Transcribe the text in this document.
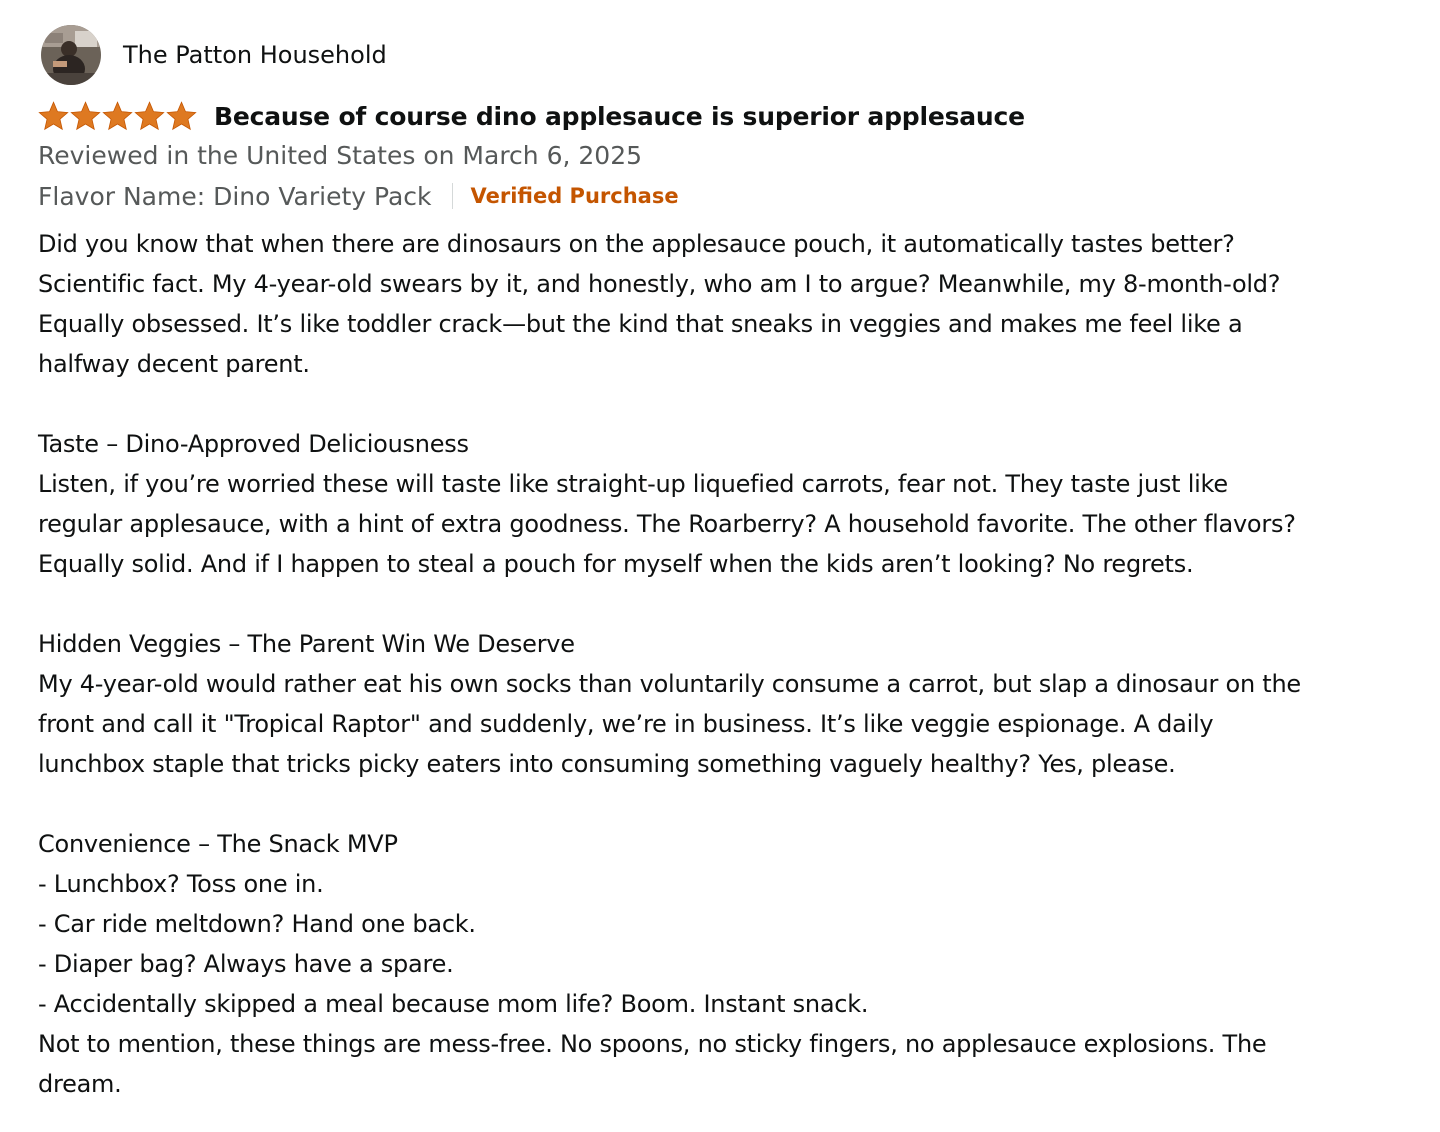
The Patton Household
Because of course dino applesauce is superior applesauce
Reviewed in the United States on March 6, 2025
Flavor Name: Dino Variety Pack Verified Purchase
Did you know that when there are dinosaurs on the applesauce pouch, it automatically tastes better?
Scientific fact. My 4-year-old swears by it, and honestly, who am I to argue? Meanwhile, my 8-month-old?
Equally obsessed. It’s like toddler crack—but the kind that sneaks in veggies and makes me feel like a
halfway decent parent.
Taste – Dino-Approved Deliciousness
Listen, if you’re worried these will taste like straight-up liquefied carrots, fear not. They taste just like
regular applesauce, with a hint of extra goodness. The Roarberry? A household favorite. The other flavors?
Equally solid. And if I happen to steal a pouch for myself when the kids aren’t looking? No regrets.
Hidden Veggies – The Parent Win We Deserve
My 4-year-old would rather eat his own socks than voluntarily consume a carrot, but slap a dinosaur on the
front and call it "Tropical Raptor" and suddenly, we’re in business. It’s like veggie espionage. A daily
lunchbox staple that tricks picky eaters into consuming something vaguely healthy? Yes, please.
Convenience – The Snack MVP
- Lunchbox? Toss one in.
- Car ride meltdown? Hand one back.
- Diaper bag? Always have a spare.
- Accidentally skipped a meal because mom life? Boom. Instant snack.
Not to mention, these things are mess-free. No spoons, no sticky fingers, no applesauce explosions. The
dream.
